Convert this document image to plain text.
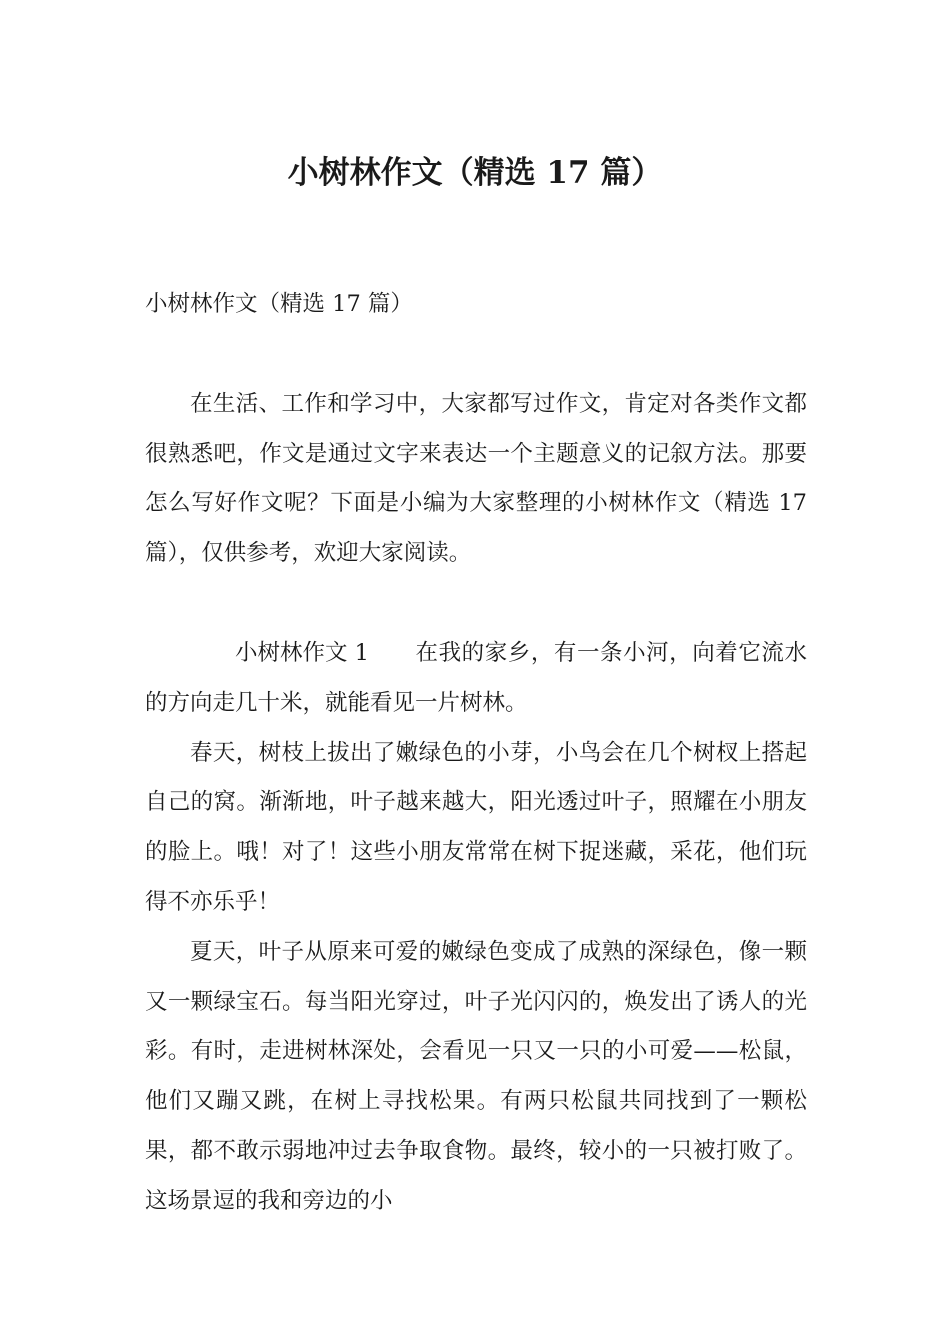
小树林作文（精选 17 篇）

小树林作文（精选 17 篇）

在生活、工作和学习中，大家都写过作文，肯定对各类作文都很熟悉吧，作文是通过文字来表达一个主题意义的记叙方法。那要怎么写好作文呢？下面是小编为大家整理的小树林作文（精选 17 篇），仅供参考，欢迎大家阅读。

小树林作文 1 在我的家乡，有一条小河，向着它流水的方向走几十米，就能看见一片树林。

春天，树枝上拔出了嫩绿色的小芽，小鸟会在几个树杈上搭起自己的窝。渐渐地，叶子越来越大，阳光透过叶子，照耀在小朋友的脸上。哦！对了！这些小朋友常常在树下捉迷藏，采花，他们玩得不亦乐乎！

夏天，叶子从原来可爱的嫩绿色变成了成熟的深绿色，像一颗又一颗绿宝石。每当阳光穿过，叶子光闪闪的，焕发出了诱人的光彩。有时，走进树林深处，会看见一只又一只的小可爱——松鼠，他们又蹦又跳，在树上寻找松果。有两只松鼠共同找到了一颗松果，都不敢示弱地冲过去争取食物。最终，较小的一只被打败了。这场景逗的我和旁边的小
